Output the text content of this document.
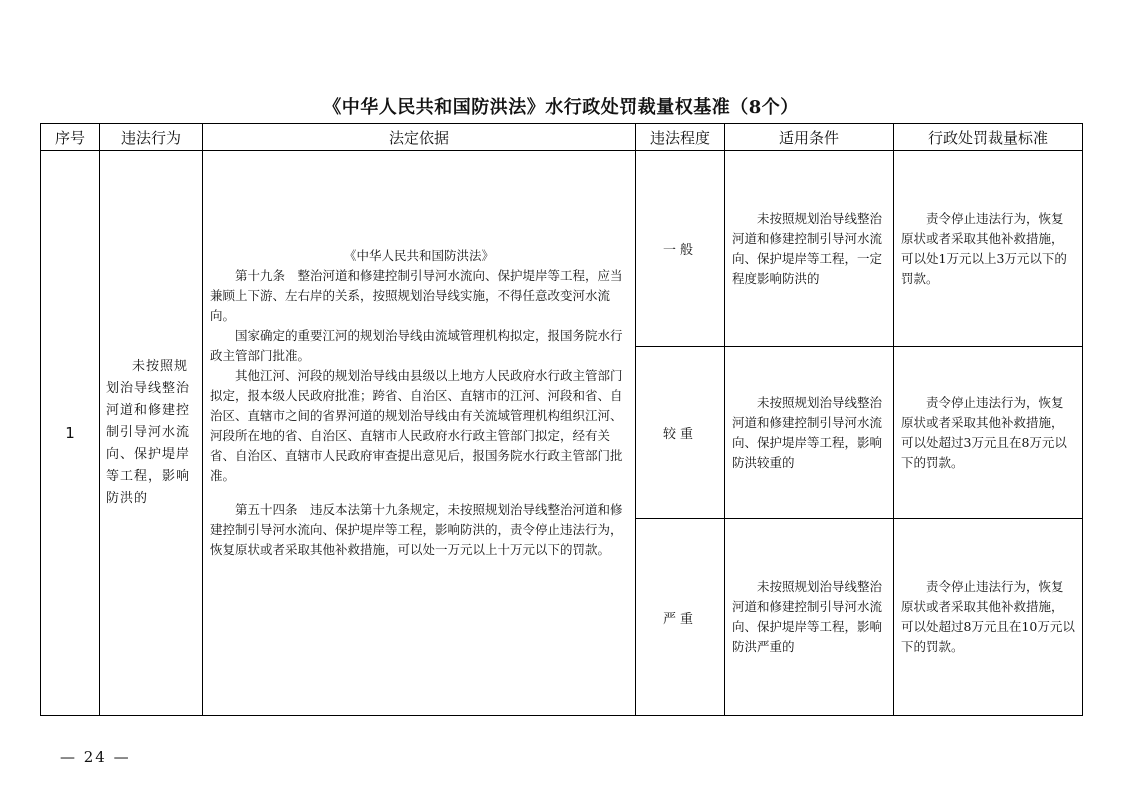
《中华人民共和国防洪法》水行政处罚裁量权基准（8个）
序号	违法行为	法定依据	违法程度	适用条件	行政处罚裁量标准
1	未按照规划治导线整治河道和修建控制引导河水流向、保护堤岸等工程，影响防洪的	《中华人民共和国防洪法》

第十九条　整治河道和修建控制引导河水流向、保护堤岸等工程，应当兼顾上下游、左右岸的关系，按照规划治导线实施，不得任意改变河水流向。

国家确定的重要江河的规划治导线由流域管理机构拟定，报国务院水行政主管部门批准。

其他江河、河段的规划治导线由县级以上地方人民政府水行政主管部门拟定，报本级人民政府批准；跨省、自治区、直辖市的江河、河段和省、自治区、直辖市之间的省界河道的规划治导线由有关流域管理机构组织江河、河段所在地的省、自治区、直辖市人民政府水行政主管部门拟定，经有关省、自治区、直辖市人民政府审查提出意见后，报国务院水行政主管部门批准。

第五十四条　违反本法第十九条规定，未按照规划治导线整治河道和修建控制引导河水流向、保护堤岸等工程，影响防洪的，责令停止违法行为，恢复原状或者采取其他补救措施，可以处一万元以上十万元以下的罚款。	一般	未按照规划治导线整治河道和修建控制引导河水流向、保护堤岸等工程，一定程度影响防洪的	责令停止违法行为，恢复原状或者采取其他补救措施，可以处1万元以上3万元以下的罚款。

			较重	未按照规划治导线整治河道和修建控制引导河水流向、保护堤岸等工程，影响防洪较重的	责令停止违法行为，恢复原状或者采取其他补救措施，可以处超过3万元且在8万元以下的罚款。

			严重	未按照规划治导线整治河道和修建控制引导河水流向、保护堤岸等工程，影响防洪严重的	责令停止违法行为，恢复原状或者采取其他补救措施，可以处超过8万元且在10万元以下的罚款。
— 24 —
